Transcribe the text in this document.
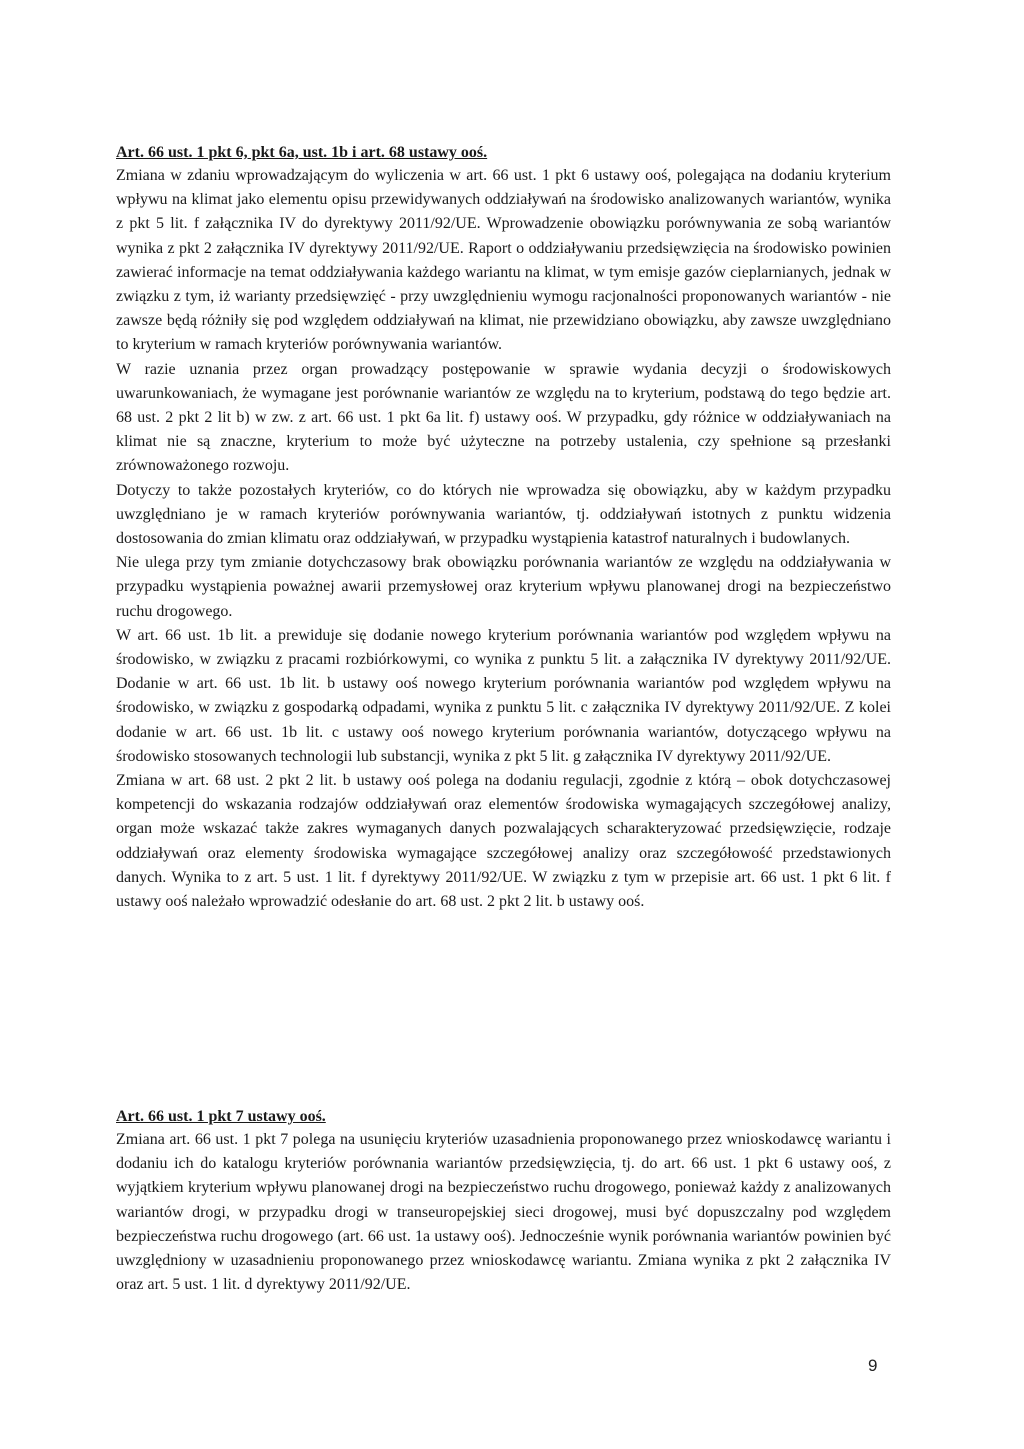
Art. 66 ust. 1 pkt 6, pkt 6a, ust. 1b i art. 68 ustawy ooś.

Zmiana w zdaniu wprowadzającym do wyliczenia w art. 66 ust. 1 pkt 6 ustawy ooś, polegająca na dodaniu kryterium wpływu na klimat jako elementu opisu przewidywanych oddziaływań na środowisko analizowanych wariantów, wynika z pkt 5 lit. f załącznika IV do dyrektywy 2011/92/UE. Wprowadzenie obowiązku porównywania ze sobą wariantów wynika z pkt 2 załącznika IV dyrektywy 2011/92/UE. Raport o oddziaływaniu przedsięwzięcia na środowisko powinien zawierać informacje na temat oddziaływania każdego wariantu na klimat, w tym emisje gazów cieplarnianych, jednak w związku z tym, iż warianty przedsięwzięć - przy uwzględnieniu wymogu racjonalności proponowanych wariantów - nie zawsze będą różniły się pod względem oddziaływań na klimat, nie przewidziano obowiązku, aby zawsze uwzględniano to kryterium w ramach kryteriów porównywania wariantów.

W razie uznania przez organ prowadzący postępowanie w sprawie wydania decyzji o środowiskowych uwarunkowaniach, że wymagane jest porównanie wariantów ze względu na to kryterium, podstawą do tego będzie art. 68 ust. 2 pkt 2 lit b) w zw. z art. 66 ust. 1 pkt 6a lit. f) ustawy ooś. W przypadku, gdy różnice w oddziaływaniach na klimat nie są znaczne, kryterium to może być użyteczne na potrzeby ustalenia, czy spełnione są przesłanki zrównoważonego rozwoju.

Dotyczy to także pozostałych kryteriów, co do których nie wprowadza się obowiązku, aby w każdym przypadku uwzględniano je w ramach kryteriów porównywania wariantów, tj. oddziaływań istotnych z punktu widzenia dostosowania do zmian klimatu oraz oddziaływań, w przypadku wystąpienia katastrof naturalnych i budowlanych.

Nie ulega przy tym zmianie dotychczasowy brak obowiązku porównania wariantów ze względu na oddziaływania w przypadku wystąpienia poważnej awarii przemysłowej oraz kryterium wpływu planowanej drogi na bezpieczeństwo ruchu drogowego.

W art. 66 ust. 1b lit. a prewiduje się dodanie nowego kryterium porównania wariantów pod względem wpływu na środowisko, w związku z pracami rozbiórkowymi, co wynika z punktu 5 lit. a załącznika IV dyrektywy 2011/92/UE. Dodanie w art. 66 ust. 1b lit. b ustawy ooś nowego kryterium porównania wariantów pod względem wpływu na środowisko, w związku z gospodarką odpadami, wynika z punktu 5 lit. c załącznika IV dyrektywy 2011/92/UE. Z kolei dodanie w art. 66 ust. 1b lit. c ustawy ooś nowego kryterium porównania wariantów, dotyczącego wpływu na środowisko stosowanych technologii lub substancji, wynika z pkt 5 lit. g załącznika IV dyrektywy 2011/92/UE.

Zmiana w art. 68 ust. 2 pkt 2 lit. b ustawy ooś polega na dodaniu regulacji, zgodnie z którą – obok dotychczasowej kompetencji do wskazania rodzajów oddziaływań oraz elementów środowiska wymagających szczegółowej analizy, organ może wskazać także zakres wymaganych danych pozwalających scharakteryzować przedsięwzięcie, rodzaje oddziaływań oraz elementy środowiska wymagające szczegółowej analizy oraz szczegółowość przedstawionych danych. Wynika to z art. 5 ust. 1 lit. f dyrektywy 2011/92/UE. W związku z tym w przepisie art. 66 ust. 1 pkt 6 lit. f ustawy ooś należało wprowadzić odesłanie do art. 68 ust. 2 pkt 2 lit. b ustawy ooś.

Art. 66 ust. 1 pkt 7 ustawy ooś.

Zmiana art. 66 ust. 1 pkt 7 polega na usunięciu kryteriów uzasadnienia proponowanego przez wnioskodawcę wariantu i dodaniu ich do katalogu kryteriów porównania wariantów przedsięwzięcia, tj. do art. 66 ust. 1 pkt 6 ustawy ooś, z wyjątkiem kryterium wpływu planowanej drogi na bezpieczeństwo ruchu drogowego, ponieważ każdy z analizowanych wariantów drogi, w przypadku drogi w transeuropejskiej sieci drogowej, musi być dopuszczalny pod względem bezpieczeństwa ruchu drogowego (art. 66 ust. 1a ustawy ooś). Jednocześnie wynik porównania wariantów powinien być uwzględniony w uzasadnieniu proponowanego przez wnioskodawcę wariantu. Zmiana wynika z pkt 2 załącznika IV oraz art. 5 ust. 1 lit. d dyrektywy 2011/92/UE.

9
